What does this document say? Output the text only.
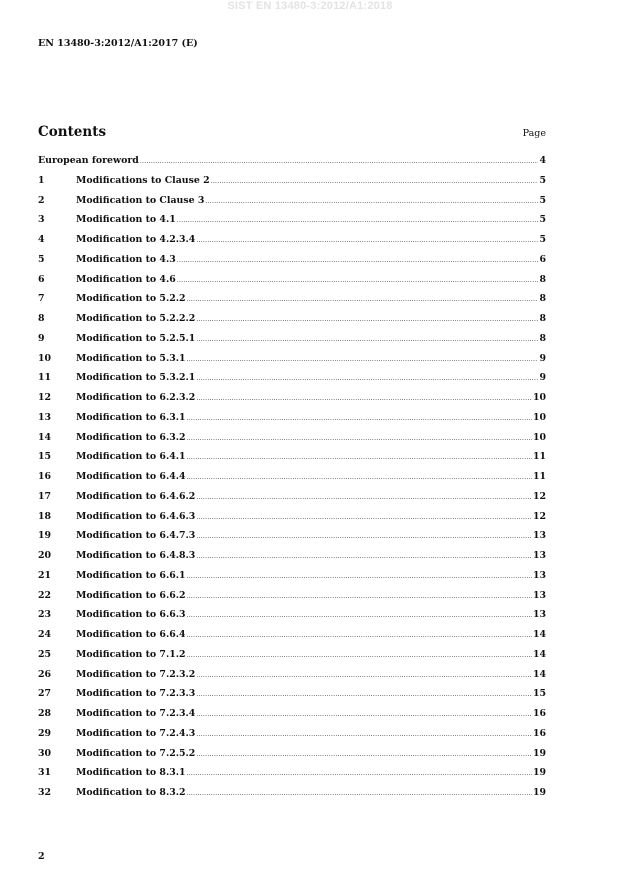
SIST EN 13480-3:2012/A1:2018
EN 13480-3:2012/A1:2017 (E)
Contents	Page
European foreword .....	4
1	Modifications to Clause 2 .....	5
2	Modification to Clause 3 .....	5
3	Modification to 4.1 .....	5
4	Modification to 4.2.3.4 .....	5
5	Modification to 4.3 .....	6
6	Modification to 4.6 .....	8
7	Modification to 5.2.2 .....	8
8	Modification to 5.2.2.2 .....	8
9	Modification to 5.2.5.1 .....	8
10	Modification to 5.3.1 .....	9
11	Modification to 5.3.2.1 .....	9
12	Modification to 6.2.3.2 .....	10
13	Modification to 6.3.1 .....	10
14	Modification to 6.3.2 .....	10
15	Modification to 6.4.1 .....	11
16	Modification to 6.4.4 .....	11
17	Modification to 6.4.6.2 .....	12
18	Modification to 6.4.6.3 .....	12
19	Modification to 6.4.7.3 .....	13
20	Modification to 6.4.8.3 .....	13
21	Modification to 6.6.1 .....	13
22	Modification to 6.6.2 .....	13
23	Modification to 6.6.3 .....	13
24	Modification to 6.6.4 .....	14
25	Modification to 7.1.2 .....	14
26	Modification to 7.2.3.2 .....	14
27	Modification to 7.2.3.3 .....	15
28	Modification to 7.2.3.4 .....	16
29	Modification to 7.2.4.3 .....	16
30	Modification to 7.2.5.2 .....	19
31	Modification to 8.3.1 .....	19
32	Modification to 8.3.2 .....	19
2
